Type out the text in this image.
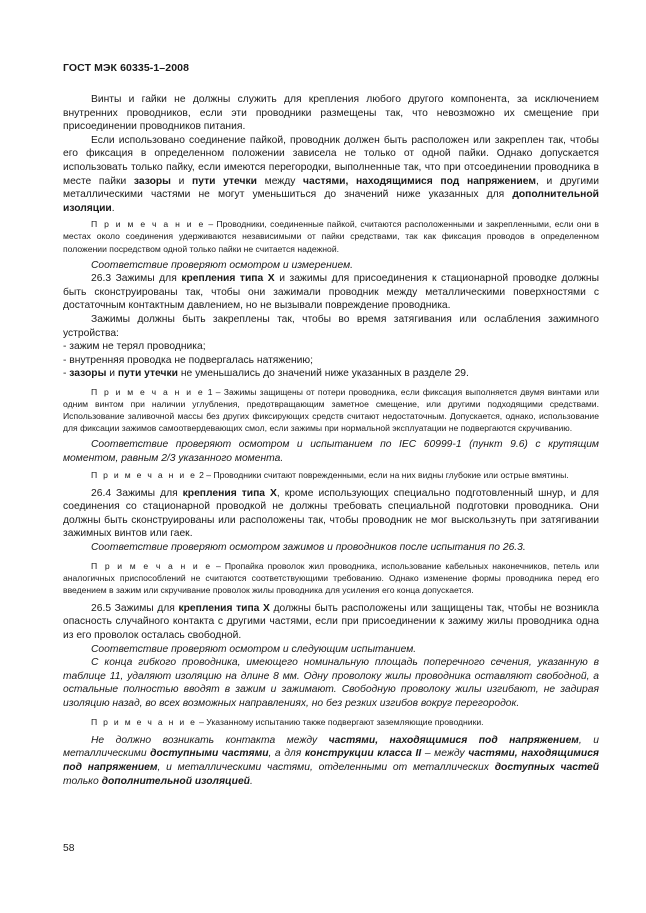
ГОСТ МЭК 60335-1–2008

Винты и гайки не должны служить для крепления любого другого компонента, за исключением внутренних проводников, если эти проводники размещены так, что невозможно их смещение при присоединении проводников питания.

Если использовано соединение пайкой, проводник должен быть расположен или закреплен так, чтобы его фиксация в определенном положении зависела не только от одной пайки. Однако допускается использовать только пайку, если имеются перегородки, выполненные так, что при отсоединении проводника в месте пайки зазоры и пути утечки между частями, находящимися под напряжением, и другими металлическими частями не могут уменьшиться до значений ниже указанных для дополнительной изоляции.

П р и м е ч а н и е – Проводники, соединенные пайкой, считаются расположенными и закрепленными, если они в местах около соединения удерживаются независимыми от пайки средствами, так как фиксация проводов в определенном положении посредством одной только пайки не считается надежной.

Соответствие проверяют осмотром и измерением.

26.3 Зажимы для крепления типа X и зажимы для присоединения к стационарной проводке должны быть сконструированы так, чтобы они зажимали проводник между металлическими поверхностями с достаточным контактным давлением, но не вызывали повреждение проводника.

Зажимы должны быть закреплены так, чтобы во время затягивания или ослабления зажимного устройства:

- зажим не терял проводника;

- внутренняя проводка не подвергалась натяжению;

- зазоры и пути утечки не уменьшались до значений ниже указанных в разделе 29.

П р и м е ч а н и е 1 – Зажимы защищены от потери проводника, если фиксация выполняется двумя винтами или одним винтом при наличии углубления, предотвращающим заметное смещение, или другими подходящими средствами. Использование заливочной массы без других фиксирующих средств считают недостаточным. Допускается, однако, использование для фиксации зажимов самоотвердевающих смол, если зажимы при нормальной эксплуатации не подвергаются скручиванию.

Соответствие проверяют осмотром и испытанием по IEC 60999-1 (пункт 9.6) с крутящим моментом, равным 2/3 указанного момента.

П р и м е ч а н и е 2 – Проводники считают поврежденными, если на них видны глубокие или острые вмятины.

26.4 Зажимы для крепления типа X, кроме использующих специально подготовленный шнур, и для соединения со стационарной проводкой не должны требовать специальной подготовки проводника. Они должны быть сконструированы или расположены так, чтобы проводник не мог выскользнуть при затягивании зажимных винтов или гаек.

Соответствие проверяют осмотром зажимов и проводников после испытания по 26.3.

П р и м е ч а н и е – Пропайка проволок жил проводника, использование кабельных наконечников, петель или аналогичных приспособлений не считаются соответствующими требованию. Однако изменение формы проводника перед его введением в зажим или скручивание проволок жилы проводника для усиления его конца допускается.

26.5 Зажимы для крепления типа X должны быть расположены или защищены так, чтобы не возникла опасность случайного контакта с другими частями, если при присоединении к зажиму жилы проводника одна из его проволок осталась свободной.

Соответствие проверяют осмотром и следующим испытанием.

С конца гибкого проводника, имеющего номинальную площадь поперечного сечения, указанную в таблице 11, удаляют изоляцию на длине 8 мм. Одну проволоку жилы проводника оставляют свободной, а остальные полностью вводят в зажим и зажимают. Свободную проволоку жилы изгибают, не задирая изоляцию назад, во всех возможных направлениях, но без резких изгибов вокруг перегородок.

П р и м е ч а н и е – Указанному испытанию также подвергают заземляющие проводники.

Не должно возникать контакта между частями, находящимися под напряжением, и металлическими доступными частями, а для конструкции класса II – между частями, находящимися под напряжением, и металлическими частями, отделенными от металлических доступных частей только дополнительной изоляцией.

58
